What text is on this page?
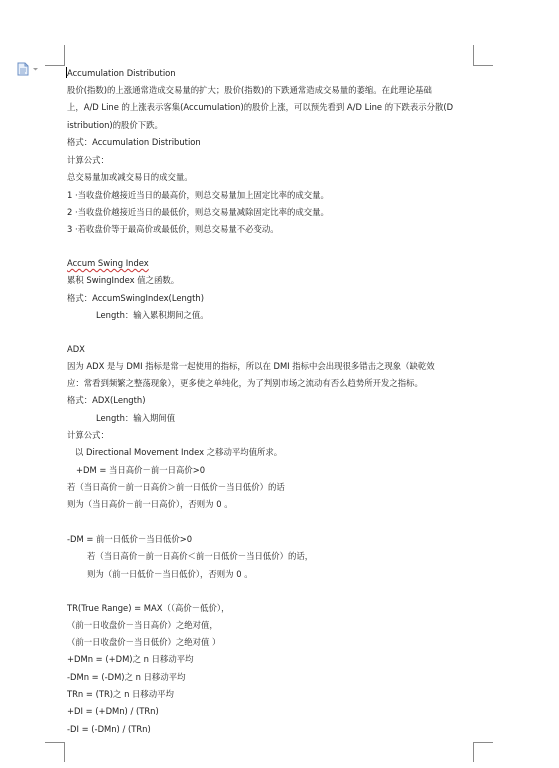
Accumulation Distribution
股价(指数)的上涨通常造成交易量的扩大；股价(指数)的下跌通常造成交易量的萎缩。在此理论基础
上，A/D Line 的上涨表示客集(Accumulation)的股价上涨，可以预先看到 A/D Line 的下跌表示分散(D
istribution)的股价下跌。
格式：Accumulation Distribution
计算公式：
总交易量加或减交易日的成交量。
1 ·当收盘价越接近当日的最高价，则总交易量加上固定比率的成交量。
2 ·当收盘价越接近当日的最低价，则总交易量减除固定比率的成交量。
3 ·若收盘价等于最高价或最低价，则总交易量不必变动。
Accum Swing Index
累积 SwingIndex 值之函数。
格式：AccumSwingIndex(Length)
Length：输入累积期间之值。
ADX
因为 ADX 是与 DMI 指标是常一起使用的指标，所以在 DMI 指标中会出现很多错击之现象（缺乾效
应：常看到频繁之整荡现象），更多使之单纯化，为了判别市场之流动有否么趋势所开发之指标。
格式：ADX(Length)
Length：输入期间值
计算公式：
以 Directional Movement Index 之移动平均值所求。
+DM = 当日高价－前一日高价>0
若（当日高价－前一日高价＞前一日低价－当日低价）的话
则为（当日高价－前一日高价），否则为 0 。
-DM = 前一日低价－当日低价>0
若（当日高价－前一日高价＜前一日低价－当日低价）的话，
则为（前一日低价－当日低价），否则为 0 。
TR(True Range) = MAX（（高价－低价），
（前一日收盘价－当日高价）之绝对值，
（前一日收盘价－当日低价）之绝对值 ）
+DMn = (+DM)之 n 日移动平均
-DMn = (-DM)之 n 日移动平均
TRn = (TR)之 n 日移动平均
+DI = (+DMn) / (TRn)
-DI = (-DMn) / (TRn)
